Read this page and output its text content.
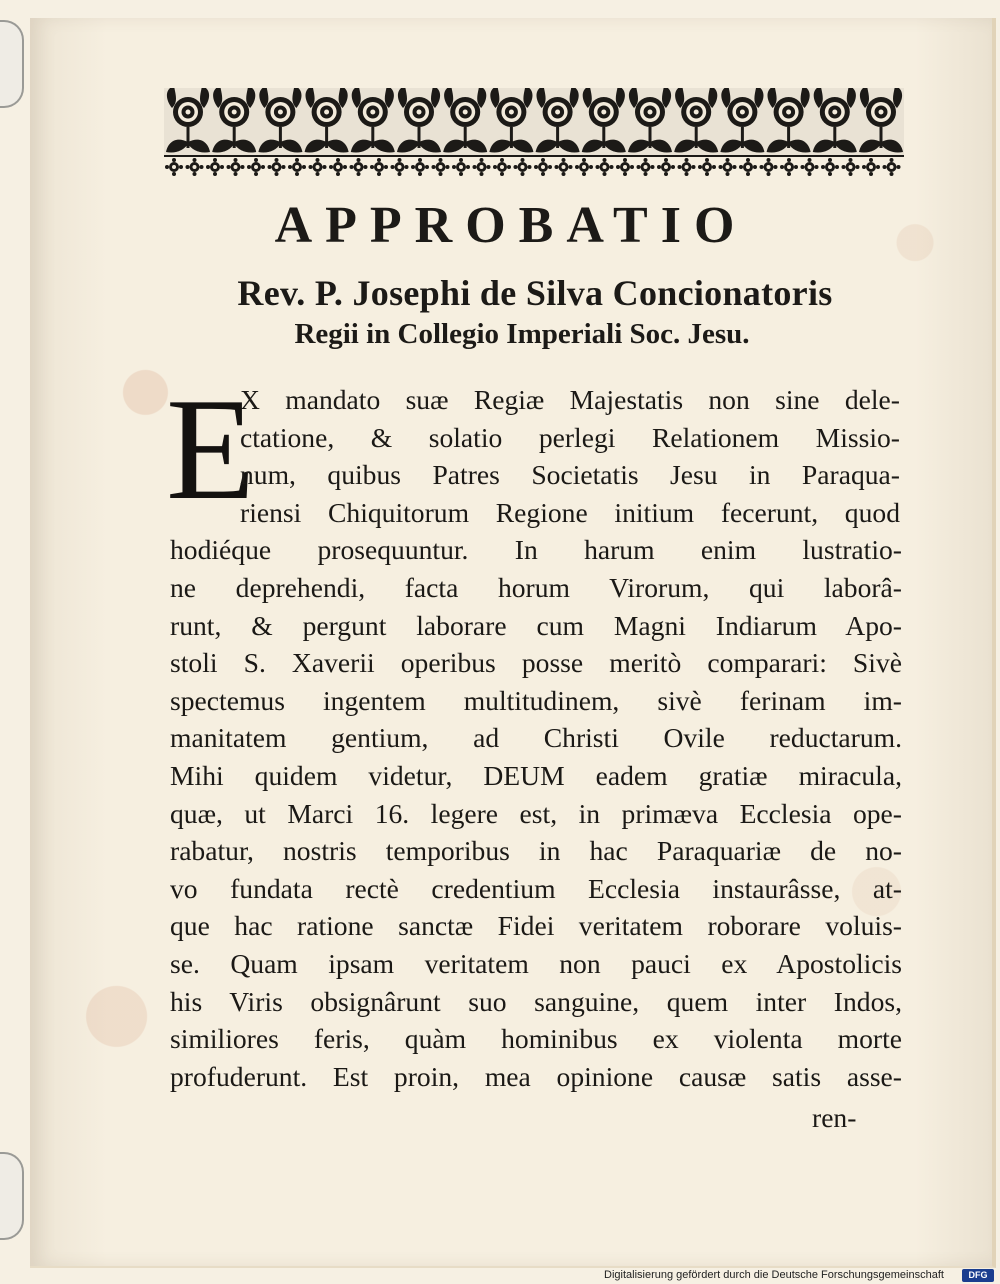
APPROBATIO
Rev. P. Josephi de Silva Concionatoris
Regii in Collegio Imperiali Soc. Jesu.

E

X mandato suæ Regiæ Majestatis non sine dele-

ctatione, & solatio perlegi Relationem Missio-

num, quibus Patres Societatis Jesu in Paraqua-

riensi Chiquitorum Regione initium fecerunt, quod

hodiéque prosequuntur. In harum enim lustratio-

ne deprehendi, facta horum Virorum, qui laborâ-

runt, & pergunt laborare cum Magni Indiarum Apo-

stoli S. Xaverii operibus posse meritò comparari: Sivè

spectemus ingentem multitudinem, sivè ferinam im-

manitatem gentium, ad Christi Ovile reductarum.

Mihi quidem videtur, DEUM eadem gratiæ miracula,

quæ, ut Marci 16. legere est, in primæva Ecclesia ope-

rabatur, nostris temporibus in hac Paraquariæ de no-

vo fundata rectè credentium Ecclesia instaurâsse, at-

que hac ratione sanctæ Fidei veritatem roborare voluis-

se. Quam ipsam veritatem non pauci ex Apostolicis

his Viris obsignârunt suo sanguine, quem inter Indos,

similiores feris, quàm hominibus ex violenta morte

profuderunt. Est proin, mea opinione causæ satis asse-

ren-

Digitalisierung gefördert durch die Deutsche Forschungsgemeinschaft	DFG
